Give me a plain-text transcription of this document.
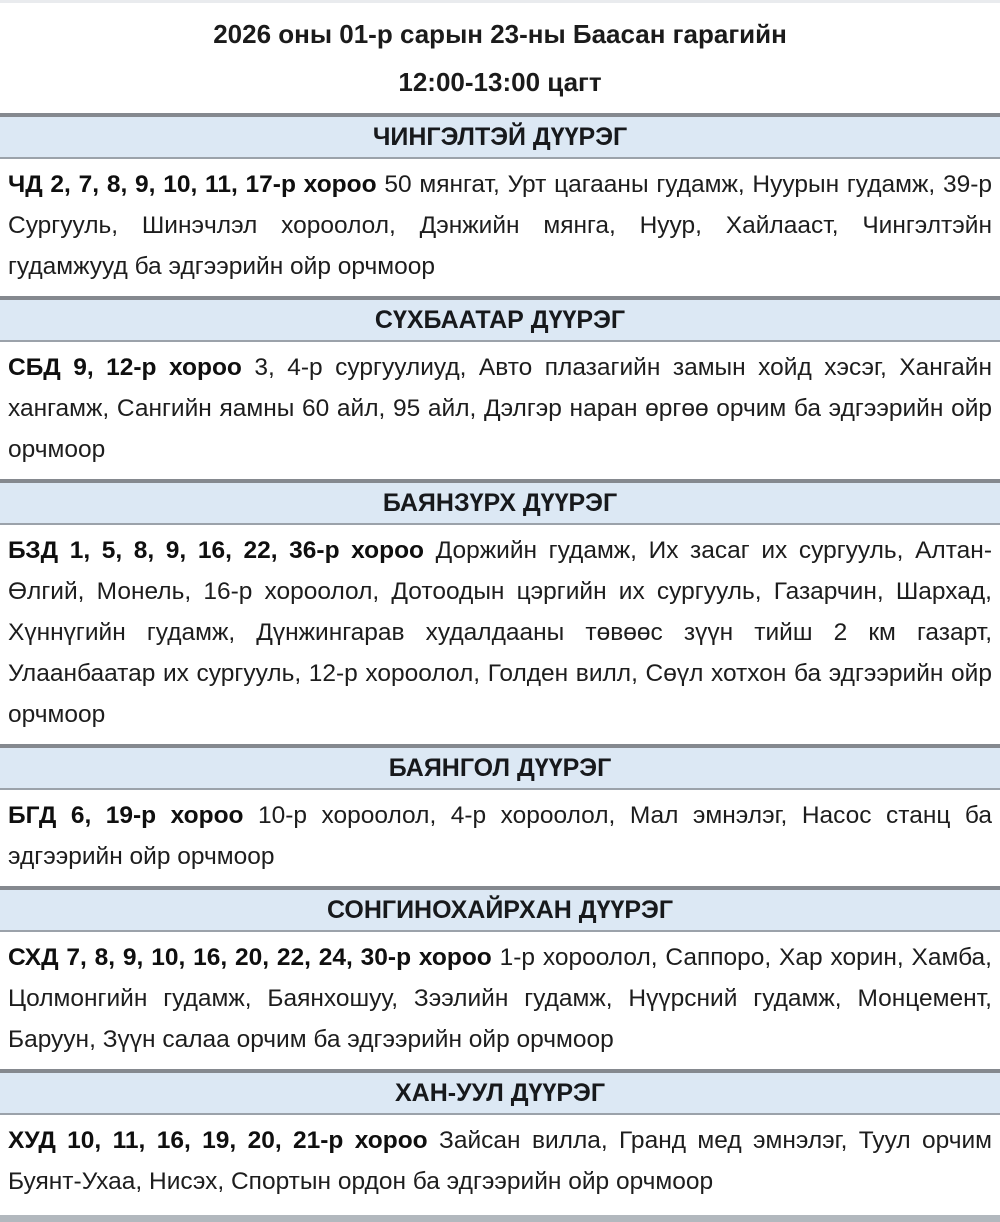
2026 оны 01-р сарын 23-ны Баасан гарагийн

12:00-13:00 цагт

ЧИНГЭЛТЭЙ ДҮҮРЭГ

ЧД 2, 7, 8, 9, 10, 11, 17-р хороо 50 мянгат, Урт цагааны гудамж, Нуурын гудамж, 39-р Сургууль, Шинэчлэл хороолол, Дэнжийн мянга, Нуур, Хайлааст, Чингэлтэйн гудамжууд ба эдгээрийн ойр орчмоор

СҮХБААТАР ДҮҮРЭГ

СБД 9, 12-р хороо 3, 4-р сургуулиуд, Авто плазагийн замын хойд хэсэг, Хангайн хангамж, Сангийн яамны 60 айл, 95 айл, Дэлгэр наран өргөө орчим ба эдгээрийн ойр орчмоор

БАЯНЗҮРХ ДҮҮРЭГ

БЗД 1, 5, 8, 9, 16, 22, 36-р хороо Доржийн гудамж, Их засаг их сургууль, Алтан-Өлгий, Монель, 16-р хороолол, Дотоодын цэргийн их сургууль, Газарчин, Шархад, Хүннүгийн гудамж, Дүнжингарав худалдааны төвөөс зүүн тийш 2 км газарт, Улаанбаатар их сургууль, 12-р хороолол, Голден вилл, Сөүл хотхон ба эдгээрийн ойр орчмоор

БАЯНГОЛ ДҮҮРЭГ

БГД 6, 19-р хороо 10-р хороолол, 4-р хороолол, Мал эмнэлэг, Насос станц ба эдгээрийн ойр орчмоор

СОНГИНОХАЙРХАН ДҮҮРЭГ

СХД 7, 8, 9, 10, 16, 20, 22, 24, 30-р хороо 1-р хороолол, Саппоро, Хар хорин, Хамба, Цолмонгийн гудамж, Баянхошуу, Зээлийн гудамж, Нүүрсний гудамж, Монцемент, Баруун, Зүүн салаа орчим ба эдгээрийн ойр орчмоор

ХАН-УУЛ ДҮҮРЭГ

ХУД 10, 11, 16, 19, 20, 21-р хороо Зайсан вилла, Гранд мед эмнэлэг, Туул орчим Буянт-Ухаа, Нисэх, Спортын ордон ба эдгээрийн ойр орчмоор
